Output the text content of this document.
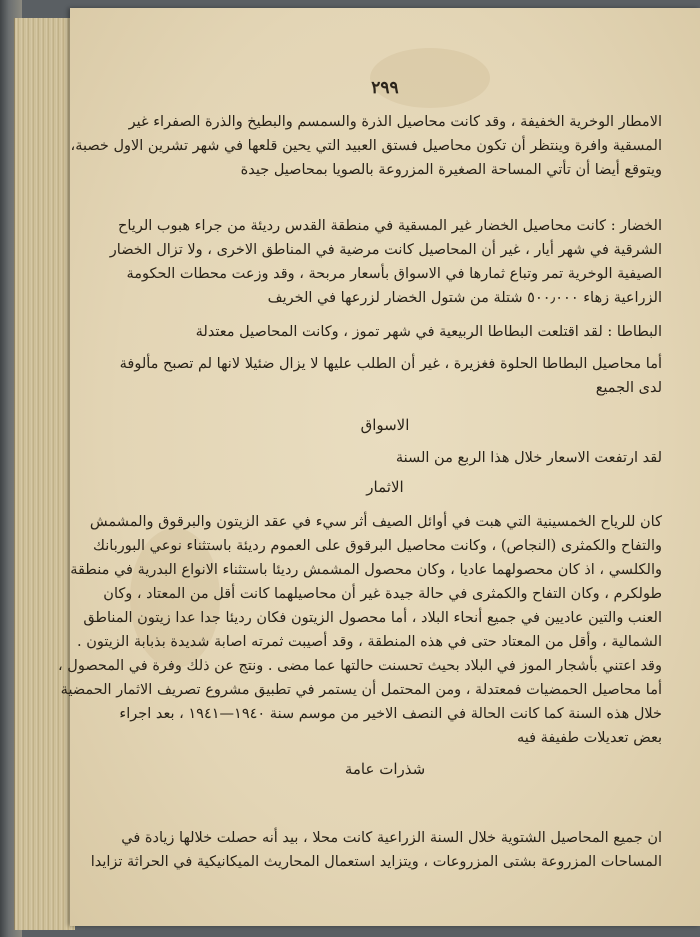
٢٩٩
الامطار الوخرية الخفيفة ، وقد كانت محاصيل الذرة والسمسم والبطيخ والذرة الصفراء غير
المسقية وافرة وينتظر أن تكون محاصيل فستق العبيد التي يحين قلعها في شهر تشرين الاول خصبة،
ويتوقع أيضا أن تأتي المساحة الصغيرة المزروعة بالصويا بمحاصيل جيدة
الخضار : كانت محاصيل الخضار غير المسقية في منطقة القدس رديئة من جراء هبوب الرياح
الشرقية في شهر أيار ، غير أن المحاصيل كانت مرضية في المناطق الاخرى ، ولا تزال الخضار
الصيفية الوخرية تمر وتباع ثمارها في الاسواق بأسعار مربحة ، وقد وزعت محطات الحكومة
الزراعية زهاء ٥٠٠٫٠٠٠ شتلة من شتول الخضار لزرعها في الخريف
البطاطا : لقد اقتلعت البطاطا الربيعية في شهر تموز ، وكانت المحاصيل معتدلة
أما محاصيل البطاطا الحلوة فغزيرة ، غير أن الطلب عليها لا يزال ضئيلا لانها لم تصبح مألوفة
لدى الجميع
الاسواق
لقد ارتفعت الاسعار خلال هذا الربع من السنة
الاثمار
كان للرياح الخمسينية التي هبت في أوائل الصيف أثر سيء في عقد الزيتون والبرقوق والمشمش
والتفاح والكمثرى (النجاص) ، وكانت محاصيل البرقوق على العموم رديئة باستثناء نوعي البوربانك
والكلسي ، اذ كان محصولهما عاديا ، وكان محصول المشمش رديئا باستثناء الانواع البدرية في منطقة
طولكرم ، وكان التفاح والكمثرى في حالة جيدة غير أن محاصيلهما كانت أقل من المعتاد ، وكان
العنب والتين عاديين في جميع أنحاء البلاد ، أما محصول الزيتون فكان رديئا جدا عدا زيتون المناطق
الشمالية ، وأقل من المعتاد حتى في هذه المنطقة ، وقد أصيبت ثمرته اصابة شديدة بذبابة الزيتون .
وقد اعتني بأشجار الموز في البلاد بحيث تحسنت حالتها عما مضى . ونتج عن ذلك وفرة في المحصول ،
أما محاصيل الحمضيات فمعتدلة ، ومن المحتمل أن يستمر في تطبيق مشروع تصريف الاثمار الحمضية
خلال هذه السنة كما كانت الحالة في النصف الاخير من موسم سنة ١٩٤٠—١٩٤١ ، بعد اجراء
بعض تعديلات طفيفة فيه
شذرات عامة
ان جميع المحاصيل الشتوية خلال السنة الزراعية كانت محلا ، بيد أنه حصلت خلالها زيادة في
المساحات المزروعة بشتى المزروعات ، ويتزايد استعمال المحاريث الميكانيكية في الحراثة تزايدا
